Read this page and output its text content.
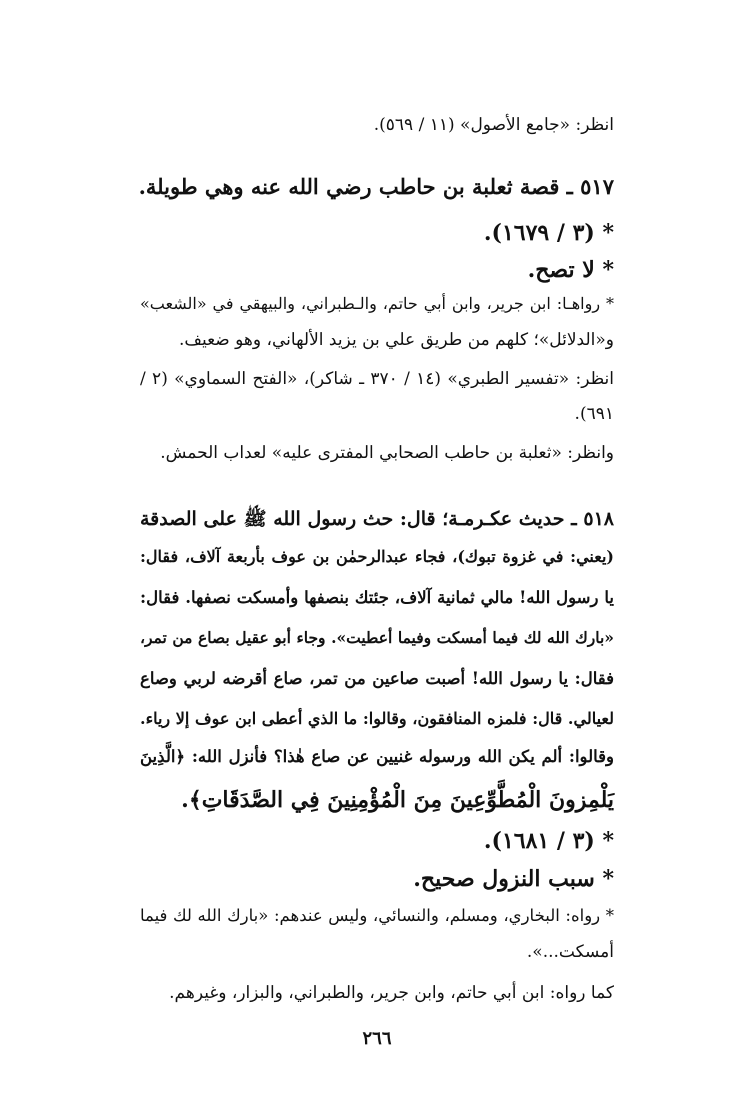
انظر: «جامع الأصول» (١١ / ٥٦٩).
٥١٧ ـ قصة ثعلبة بن حاطب رضي الله عنه وهي طويلة.
* (٣ / ١٦٧٩).
* لا تصح.
* رواهـا: ابن جرير، وابن أبي حاتم، والـطبراني، والبيهقي في «الشعب»
و«الدلائل»؛ كلهم من طريق علي بن يزيد الألهاني، وهو ضعيف.
انظر: «تفسير الطبري» (١٤ / ٣٧٠ ـ شاكر)، «الفتح السماوي» (٢ /
٦٩١).
وانظر: «ثعلبة بن حاطب الصحابي المفترى عليه» لعداب الحمش.
٥١٨ ـ حديث عكـرمـة؛ قال: حث رسول الله ﷺ على الصدقة
(يعني: في غزوة تبوك)، فجاء عبدالرحمٰن بن عوف بأربعة آلاف، فقال:
يا رسول الله! مالي ثمانية آلاف، جئتك بنصفها وأمسكت نصفها. فقال:
«بارك الله لك فيما أمسكت وفيما أعطيت». وجاء أبو عقيل بصاع من تمر،
فقال: يا رسول الله! أصبت صاعين من تمر، صاع أقرضه لربي وصاع
لعيالي. قال: فلمزه المنافقون، وقالوا: ما الذي أعطى ابن عوف إلا رياء.
وقالوا: ألم يكن الله ورسوله غنيين عن صاع هٰذا؟ فأنزل الله: ﴿الَّذِينَ
يَلْمِزونَ الْمُطَّوِّعِينَ مِنَ الْمُؤْمِنِينَ فِي الصَّدَقَاتِ﴾.
* (٣ / ١٦٨١).
* سبب النزول صحيح.
* رواه: البخاري، ومسلم، والنسائي، وليس عندهم: «بارك الله لك فيما
أمسكت...».
كما رواه: ابن أبي حاتم، وابن جرير، والطبراني، والبزار، وغيرهم.
٢٦٦
